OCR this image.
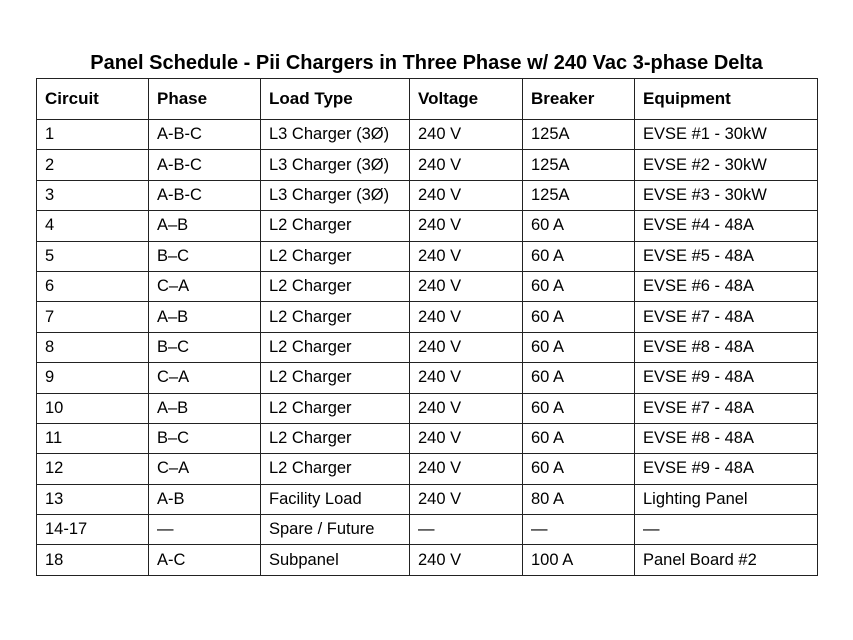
Panel Schedule - Pii Chargers in Three Phase w/ 240 Vac 3-phase Delta
Circuit	Phase	Load Type	Voltage	Breaker	Equipment
1	A-B-C	L3 Charger (3Ø)	240 V	125A	EVSE #1 - 30kW
2	A-B-C	L3 Charger (3Ø)	240 V	125A	EVSE #2 - 30kW
3	A-B-C	L3 Charger (3Ø)	240 V	125A	EVSE #3 - 30kW
4	A–B	L2 Charger	240 V	60 A	EVSE #4 - 48A
5	B–C	L2 Charger	240 V	60 A	EVSE #5 - 48A
6	C–A	L2 Charger	240 V	60 A	EVSE #6 - 48A
7	A–B	L2 Charger	240 V	60 A	EVSE #7 - 48A
8	B–C	L2 Charger	240 V	60 A	EVSE #8 - 48A
9	C–A	L2 Charger	240 V	60 A	EVSE #9 - 48A
10	A–B	L2 Charger	240 V	60 A	EVSE #7 - 48A
11	B–C	L2 Charger	240 V	60 A	EVSE #8 - 48A
12	C–A	L2 Charger	240 V	60 A	EVSE #9 - 48A
13	A-B	Facility Load	240 V	80 A	Lighting Panel
14-17	—	Spare / Future	—	—	—
18	A-C	Subpanel	240 V	100 A	Panel Board #2
